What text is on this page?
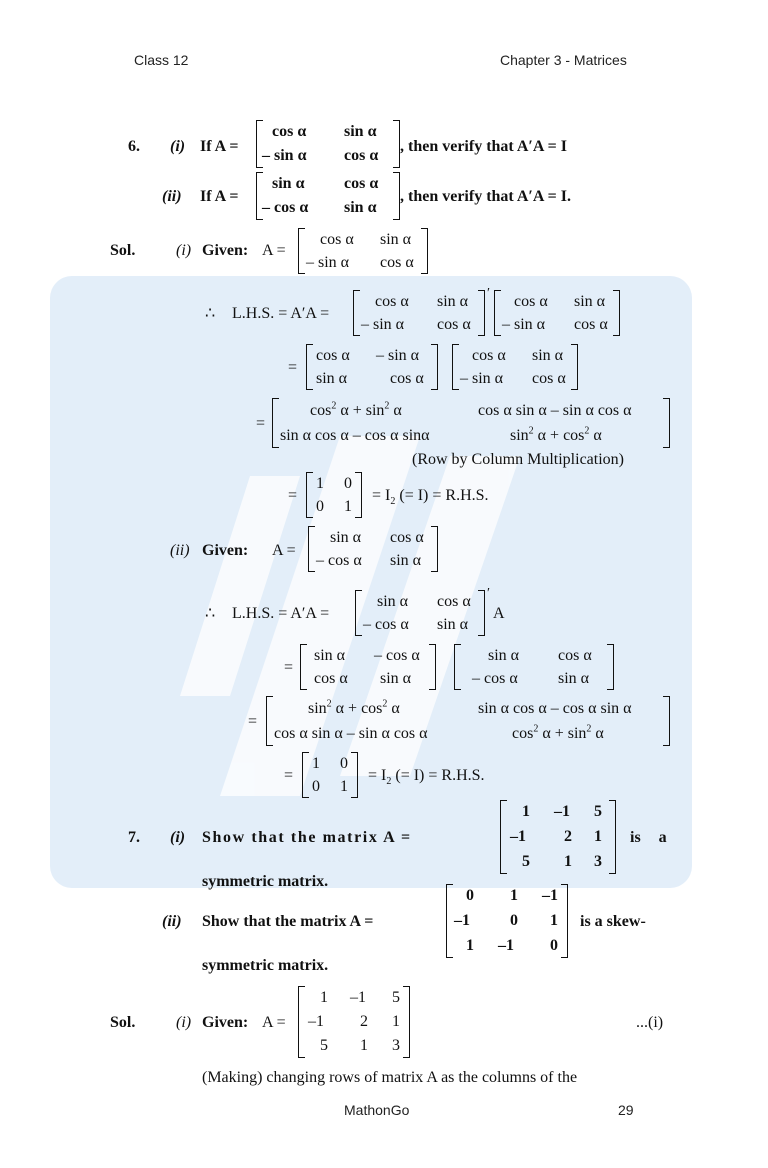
Class 12	Chapter 3 - Matrices
6. (i) If A =
cos α sin α
– sin α cos α
, then verify that A′A = I
(ii) If A =
sin α cos α
– cos α sin α
, then verify that A′A = I.
Sol.	(i) Given: A =
cos α sin α
– sin α cos α
∴ L.H.S. = A′A =
cos α sin α
– sin α cos α
′ cos α sin α
– sin α cos α
=
cos α – sin α
sin α	cos α
cos α sin α
– sin α cos α
=
$\cos^2 \alpha + \sin^2 \alpha$	cos α sin α – sin α cos α
sin α cos α – cos α sinα	$\sin^2 \alpha + \cos^2 \alpha$
(Row by Column Multiplication)
=
1 0
0 1
= $I_2$ (= I) = R.H.S.
(ii) Given: A =
sin α cos α
– cos α sin α
∴ L.H.S. = A′A =
sin α cos α
– cos α sin α
′
A
=
sin α – cos α
cos α sin α
sin α cos α
– cos α	sin α
=
$\sin^2 \alpha + \cos^2 \alpha$	sin α cos α – cos α sin α
cos α sin α – sin α cos α	$\cos^2 \alpha + \sin^2 \alpha$
=
1 0
0 1
= $I_2$ (= I) = R.H.S.
7. (i) Show that the matrix A =
1 –1 5
–1 2 1
5 1 3
is a
symmetric matrix.
(ii) Show that the matrix A =
0 1 –1
–1	0 1
1 –1 0
is a skew-
symmetric matrix.
Sol.	(i) Given: A =
1 –1 5
–1 2 1
5 1 3
...(i)
(Making) changing rows of matrix A as the columns of the
MathonGo	29
